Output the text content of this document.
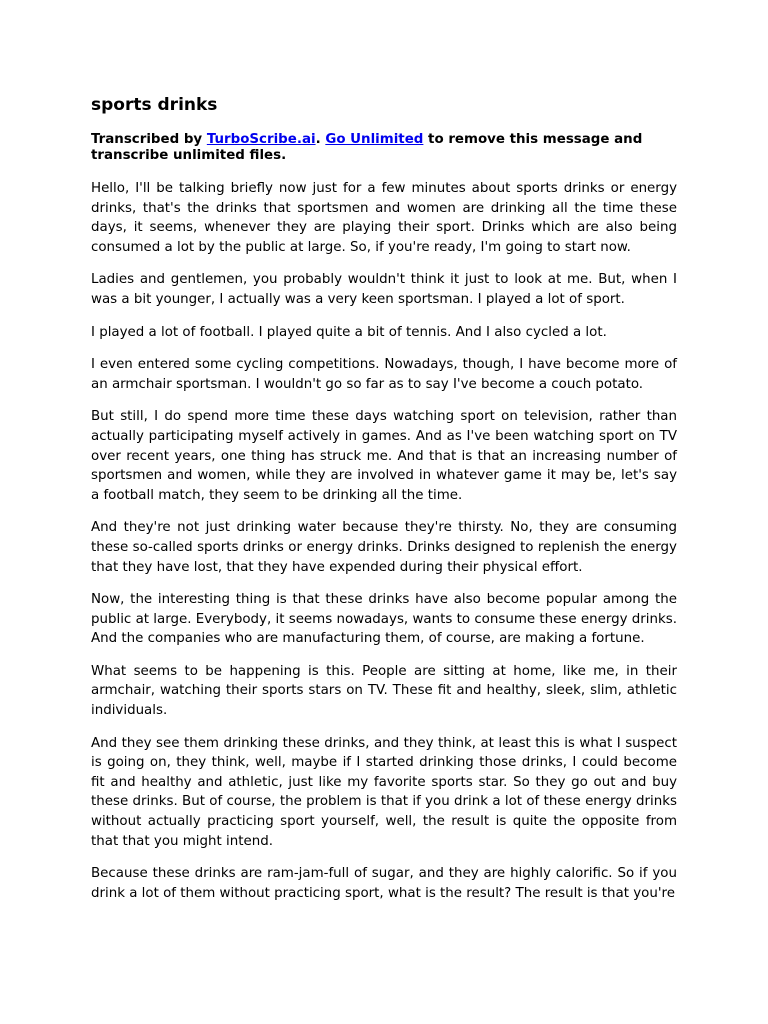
sports drinks

Transcribed by TurboScribe.ai. Go Unlimited to remove this message and transcribe unlimited files.

Hello, I'll be talking briefly now just for a few minutes about sports drinks or energy drinks, that's the drinks that sportsmen and women are drinking all the time these days, it seems, whenever they are playing their sport. Drinks which are also being consumed a lot by the public at large. So, if you're ready, I'm going to start now.

Ladies and gentlemen, you probably wouldn't think it just to look at me. But, when I was a bit younger, I actually was a very keen sportsman. I played a lot of sport.

I played a lot of football. I played quite a bit of tennis. And I also cycled a lot.

I even entered some cycling competitions. Nowadays, though, I have become more of an armchair sportsman. I wouldn't go so far as to say I've become a couch potato.

But still, I do spend more time these days watching sport on television, rather than actually participating myself actively in games. And as I've been watching sport on TV over recent years, one thing has struck me. And that is that an increasing number of sportsmen and women, while they are involved in whatever game it may be, let's say a football match, they seem to be drinking all the time.

And they're not just drinking water because they're thirsty. No, they are consuming these so-called sports drinks or energy drinks. Drinks designed to replenish the energy that they have lost, that they have expended during their physical effort.

Now, the interesting thing is that these drinks have also become popular among the public at large. Everybody, it seems nowadays, wants to consume these energy drinks. And the companies who are manufacturing them, of course, are making a fortune.

What seems to be happening is this. People are sitting at home, like me, in their armchair, watching their sports stars on TV. These fit and healthy, sleek, slim, athletic individuals.

And they see them drinking these drinks, and they think, at least this is what I suspect is going on, they think, well, maybe if I started drinking those drinks, I could become fit and healthy and athletic, just like my favorite sports star. So they go out and buy these drinks. But of course, the problem is that if you drink a lot of these energy drinks without actually practicing sport yourself, well, the result is quite the opposite from that that you might intend.

Because these drinks are ram-jam-full of sugar, and they are highly calorific. So if you drink a lot of them without practicing sport, what is the result? The result is that you're
